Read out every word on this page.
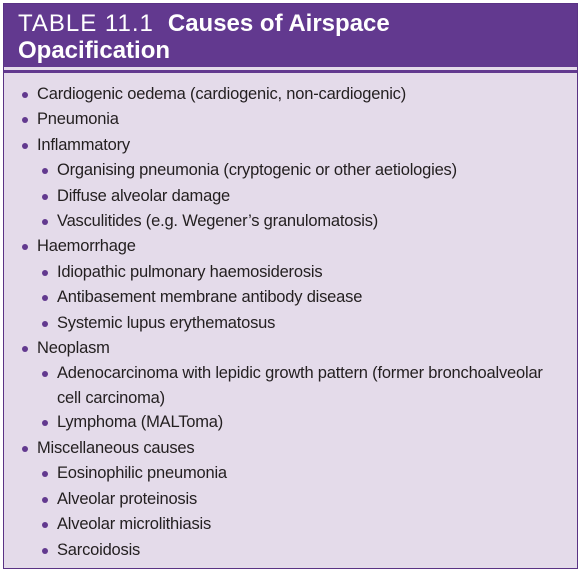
TABLE 11.1 Causes of Airspace
Opacification
Cardiogenic oedema (cardiogenic, non-cardiogenic)
Pneumonia
Inflammatory
Organising pneumonia (cryptogenic or other aetiologies)
Diffuse alveolar damage
Vasculitides (e.g. Wegener’s granulomatosis)
Haemorrhage
Idiopathic pulmonary haemosiderosis
Antibasement membrane antibody disease
Systemic lupus erythematosus
Neoplasm
Adenocarcinoma with lepidic growth pattern (former bronchoalveolar cell carcinoma)
Lymphoma (MALToma)
Miscellaneous causes
Eosinophilic pneumonia
Alveolar proteinosis
Alveolar microlithiasis
Sarcoidosis
